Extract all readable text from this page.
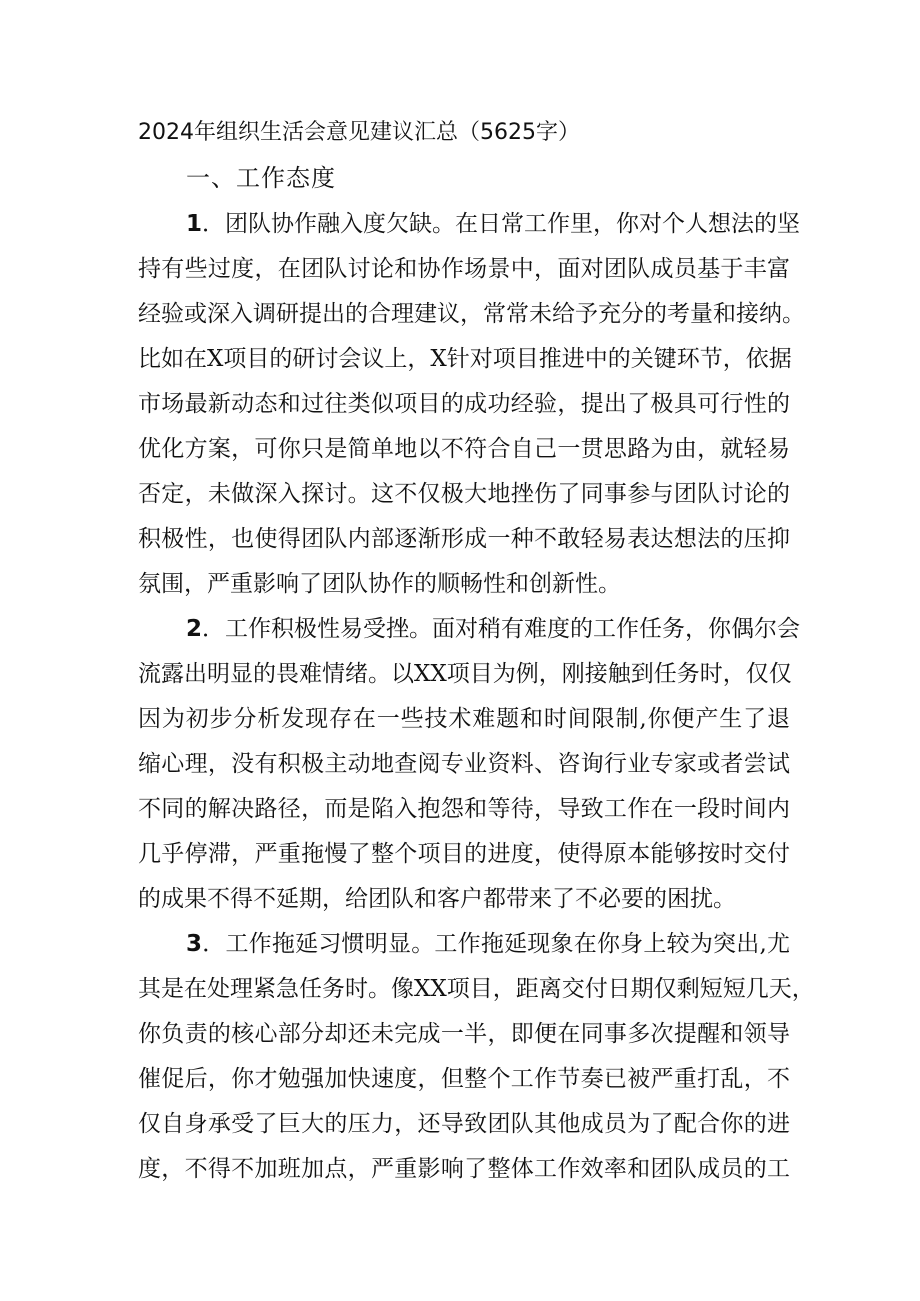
2024年组织生活会意见建议汇总（5625字）
一、工作态度
1．团队协作融入度欠缺。在日常工作里，你对个人想法的坚
持有些过度，在团队讨论和协作场景中，面对团队成员基于丰富
经验或深入调研提出的合理建议，常常未给予充分的考量和接纳。
比如在X项目的研讨会议上，X针对项目推进中的关键环节，依据
市场最新动态和过往类似项目的成功经验，提出了极具可行性的
优化方案，可你只是简单地以不符合自己一贯思路为由，就轻易
否定，未做深入探讨。这不仅极大地挫伤了同事参与团队讨论的
积极性，也使得团队内部逐渐形成一种不敢轻易表达想法的压抑
氛围，严重影响了团队协作的顺畅性和创新性。
2．工作积极性易受挫。面对稍有难度的工作任务，你偶尔会
流露出明显的畏难情绪。以XX项目为例，刚接触到任务时，仅仅
因为初步分析发现存在一些技术难题和时间限制,你便产生了退
缩心理，没有积极主动地查阅专业资料、咨询行业专家或者尝试
不同的解决路径，而是陷入抱怨和等待，导致工作在一段时间内
几乎停滞，严重拖慢了整个项目的进度，使得原本能够按时交付
的成果不得不延期，给团队和客户都带来了不必要的困扰。
3．工作拖延习惯明显。工作拖延现象在你身上较为突出,尤
其是在处理紧急任务时。像XX项目，距离交付日期仅剩短短几天，
你负责的核心部分却还未完成一半，即便在同事多次提醒和领导
催促后，你才勉强加快速度，但整个工作节奏已被严重打乱，不
仅自身承受了巨大的压力，还导致团队其他成员为了配合你的进
度，不得不加班加点，严重影响了整体工作效率和团队成员的工
